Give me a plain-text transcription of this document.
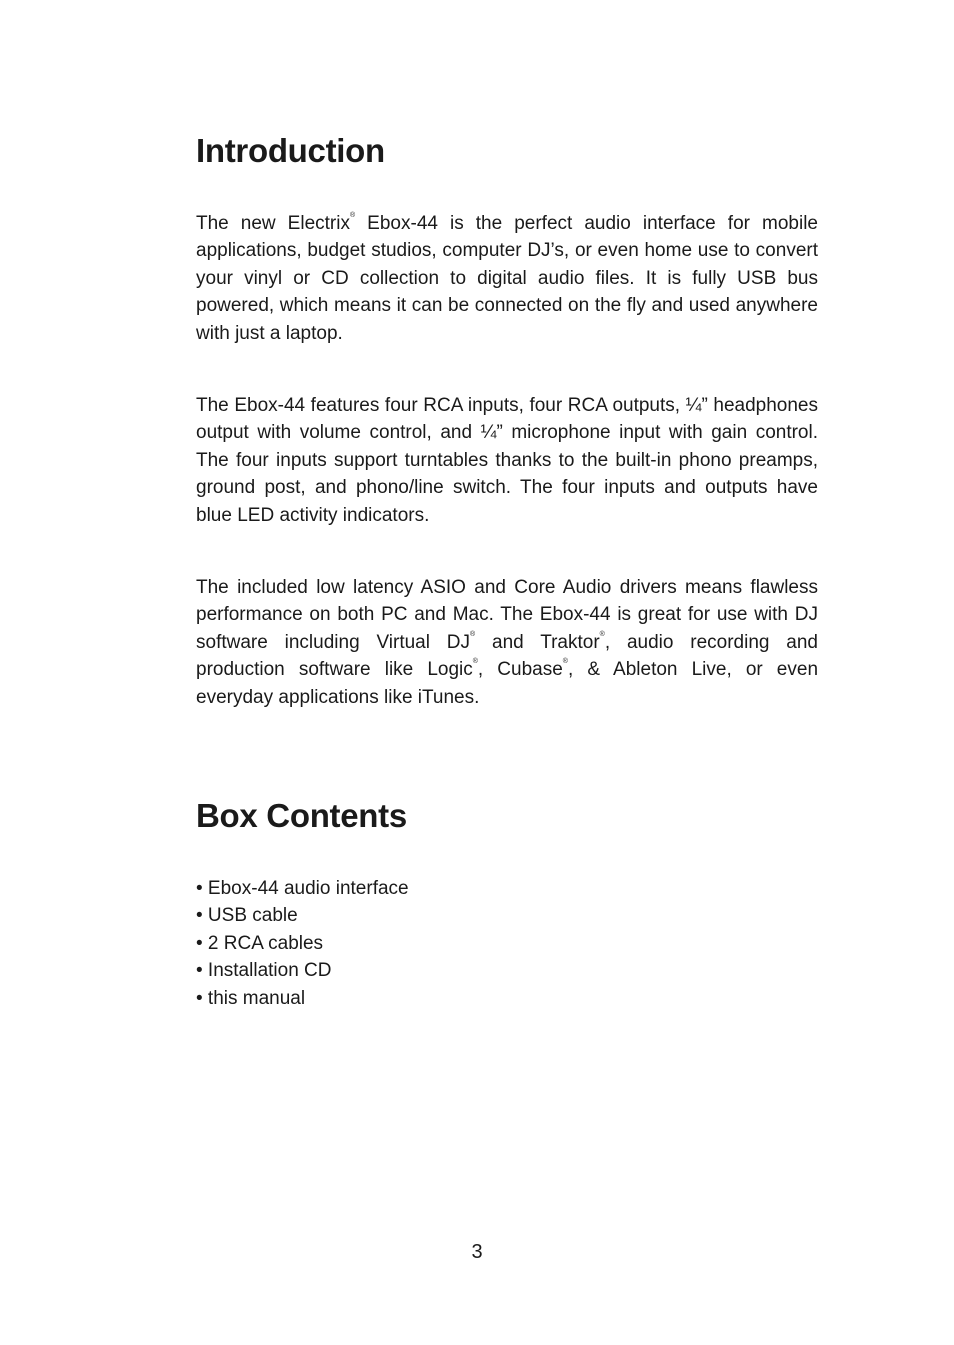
Introduction

The new Electrix® Ebox-44 is the perfect audio interface for mobile applications, budget studios, computer DJ’s, or even home use to convert your vinyl or CD collection to digital audio files. It is fully USB bus powered, which means it can be connected on the fly and used anywhere with just a laptop.

The Ebox-44 features four RCA inputs, four RCA outputs, ¼” headphones output with volume control, and ¼” microphone input with gain control. The four inputs support turntables thanks to the built-in phono preamps, ground post, and phono/line switch. The four inputs and outputs have blue LED activity indicators.

The included low latency ASIO and Core Audio drivers means flawless performance on both PC and Mac. The Ebox-44 is great for use with DJ software including Virtual DJ® and Traktor®, audio recording and production software like Logic®, Cubase®, & Ableton Live, or even everyday applications like iTunes.

Box Contents
• Ebox-44 audio interface
• USB cable
• 2 RCA cables
• Installation CD
• this manual
3
